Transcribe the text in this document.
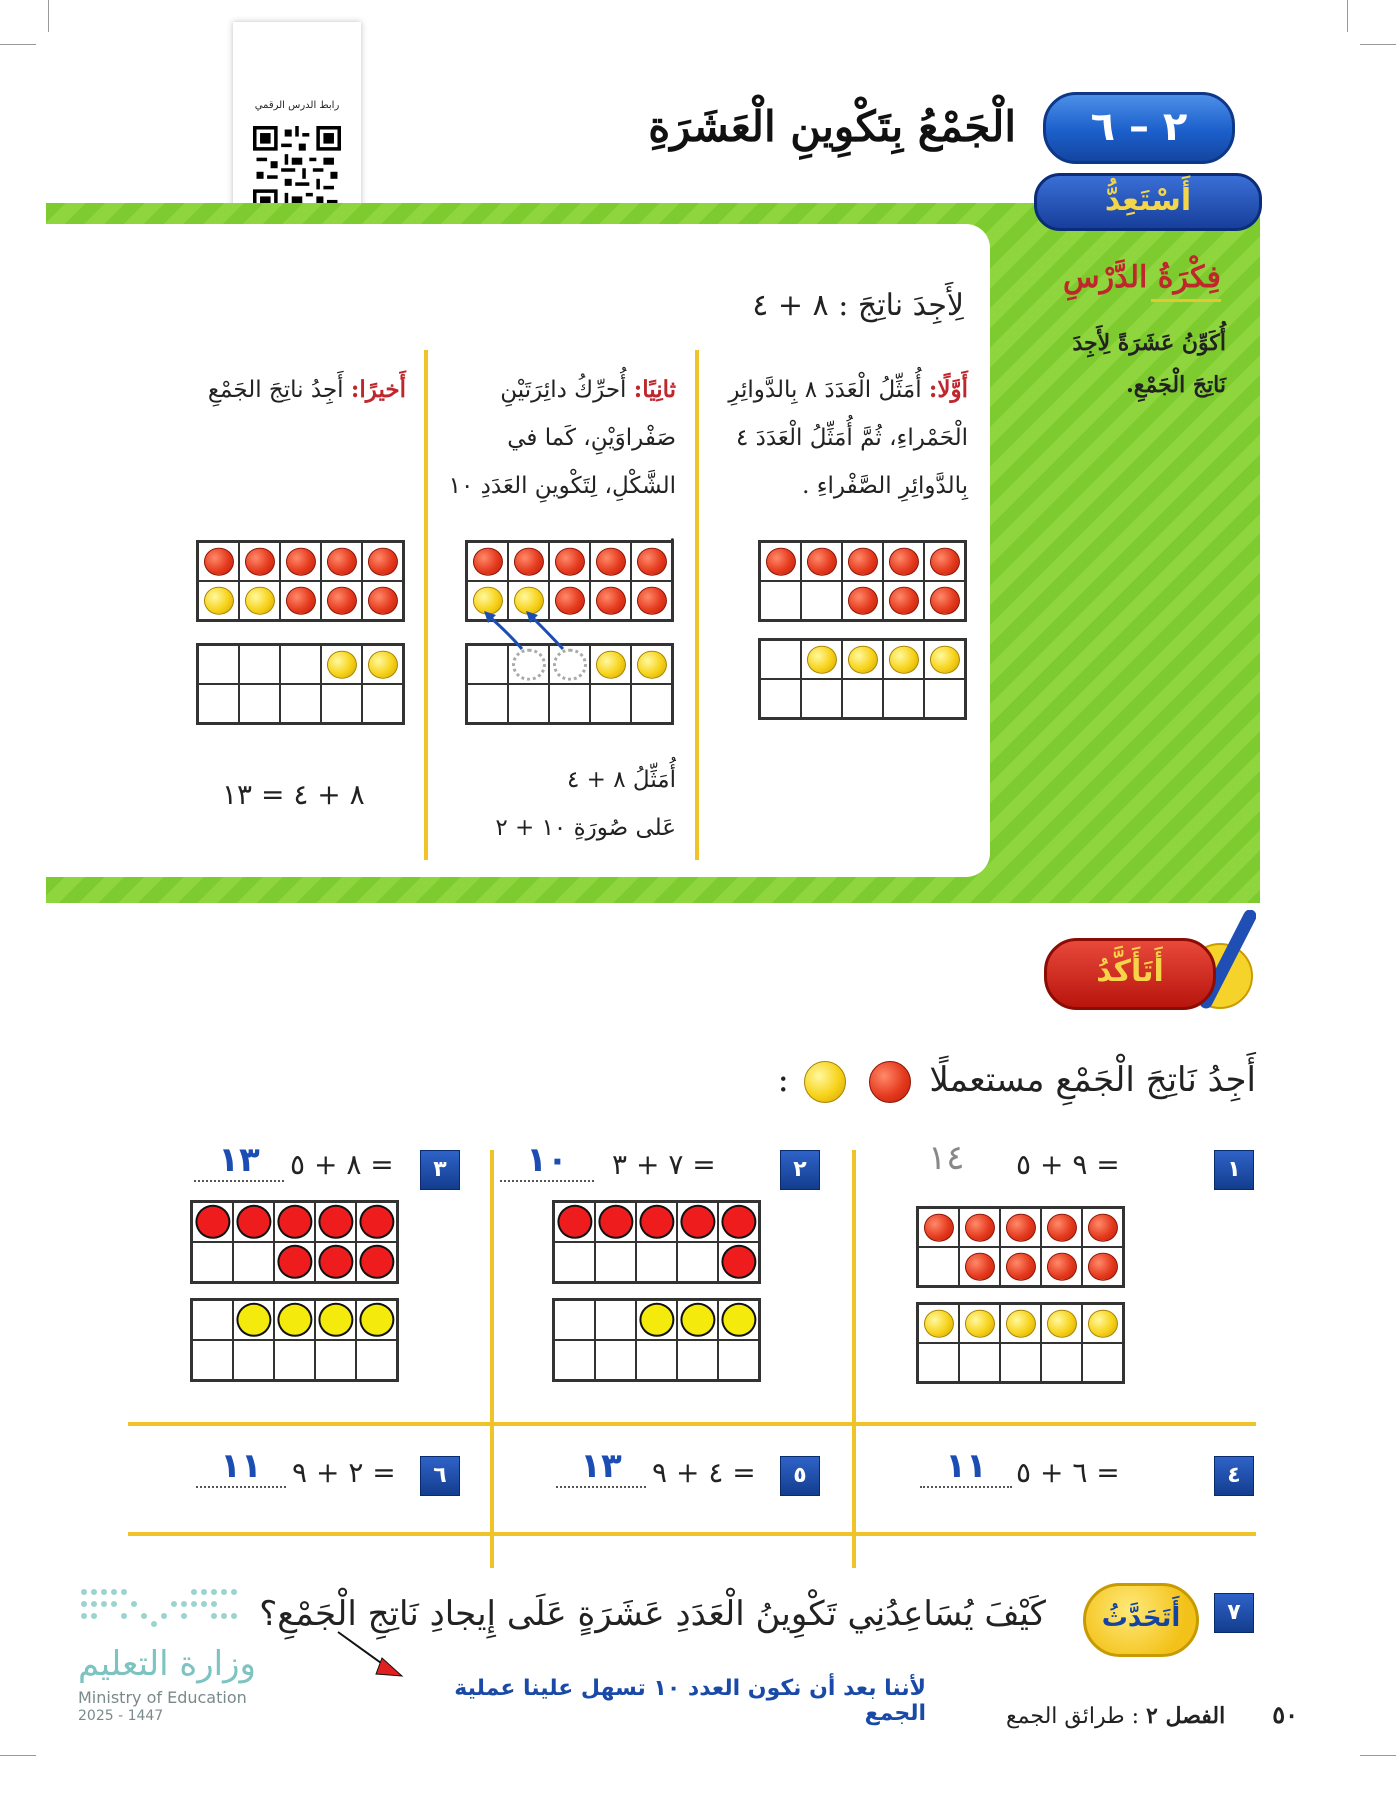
رابط الدرس الرقمي	الْجَمْعُ بِتَكْوِينِ الْعَشَرَةِ	٢ – ٦
أَسْتَعِدُّ
فِكْرَةُ الدَّرْسِ
أُكَوِّنُ عَشَرَةً لِأَجِدَ نَاتِجَ الْجَمْعِ.
لِأَجِدَ ناتِجَ : ٨ + ٤
أَوَّلًا: أُمَثِّلُ الْعَدَدَ ٨ بِالدَّوائِرِ الْحَمْراءِ، ثُمَّ أُمَثِّلُ الْعَدَدَ ٤ بِالدَّوائِرِ الصَّفْراءِ .
ثانِيًا: أُحرِّكُ دائِرَتَيْنِ صَفْراوَيْنِ، كَما في الشَّكْلِ، لِتَكْوينِ العَدَدِ ١٠ .
أُمَثِّلُ ٨ + ٤
عَلى صُورَةِ ١٠ + ٢
أَخيرًا: أَجِدُ ناتِجَ الجَمْعِ
٨ + ٤ = ١٣
أَتَأَكَّدُ
أَجِدُ نَاتِجَ الْجَمْعِ مستعملًا   :
١
٩ + ٥ =
١٤
٢
٧ + ٣ =
١٠
٣
٨ + ٥ =
١٣
٤
٦ + ٥ =
١١
٥
٤ + ٩ =
١٣
٦
٢ + ٩ =
١١
٧
أَتَحَدَّثُ
كَيْفَ يُسَاعِدُنِي تَكْوِينُ الْعَدَدِ عَشَرَةٍ عَلَى إِيجادِ نَاتِجِ الْجَمْعِ؟
لأننا بعد أن نكون العدد ١٠ تسهل علينا عملية الجمع	٥٠ الفصل ٢ : طرائق الجمع
وزارة التعليم
Ministry of Education
2025 - 1447
